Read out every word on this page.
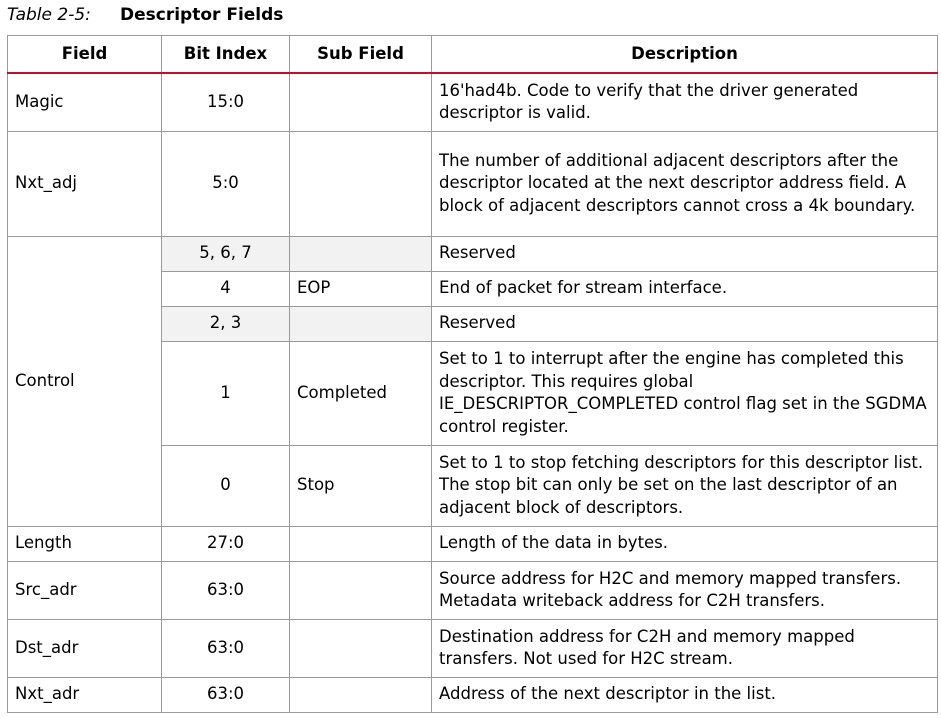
Table 2-5: Descriptor Fields
Field	Bit Index	Sub Field	Description
Magic	15:0		16'had4b. Code to verify that the driver generated descriptor is valid.
Nxt_adj	5:0		The number of additional adjacent descriptors after the descriptor located at the next descriptor address field. A block of adjacent descriptors cannot cross a 4k boundary.
Control	5, 6, 7		Reserved
	4	EOP	End of packet for stream interface.
	2, 3		Reserved
	1	Completed	Set to 1 to interrupt after the engine has completed this descriptor. This requires global IE_DESCRIPTOR_COMPLETED control flag set in the SGDMA control register.
	0	Stop	Set to 1 to stop fetching descriptors for this descriptor list. The stop bit can only be set on the last descriptor of an adjacent block of descriptors.
Length	27:0		Length of the data in bytes.
Src_adr	63:0		Source address for H2C and memory mapped transfers. Metadata writeback address for C2H transfers.
Dst_adr	63:0		Destination address for C2H and memory mapped transfers. Not used for H2C stream.
Nxt_adr	63:0		Address of the next descriptor in the list.
